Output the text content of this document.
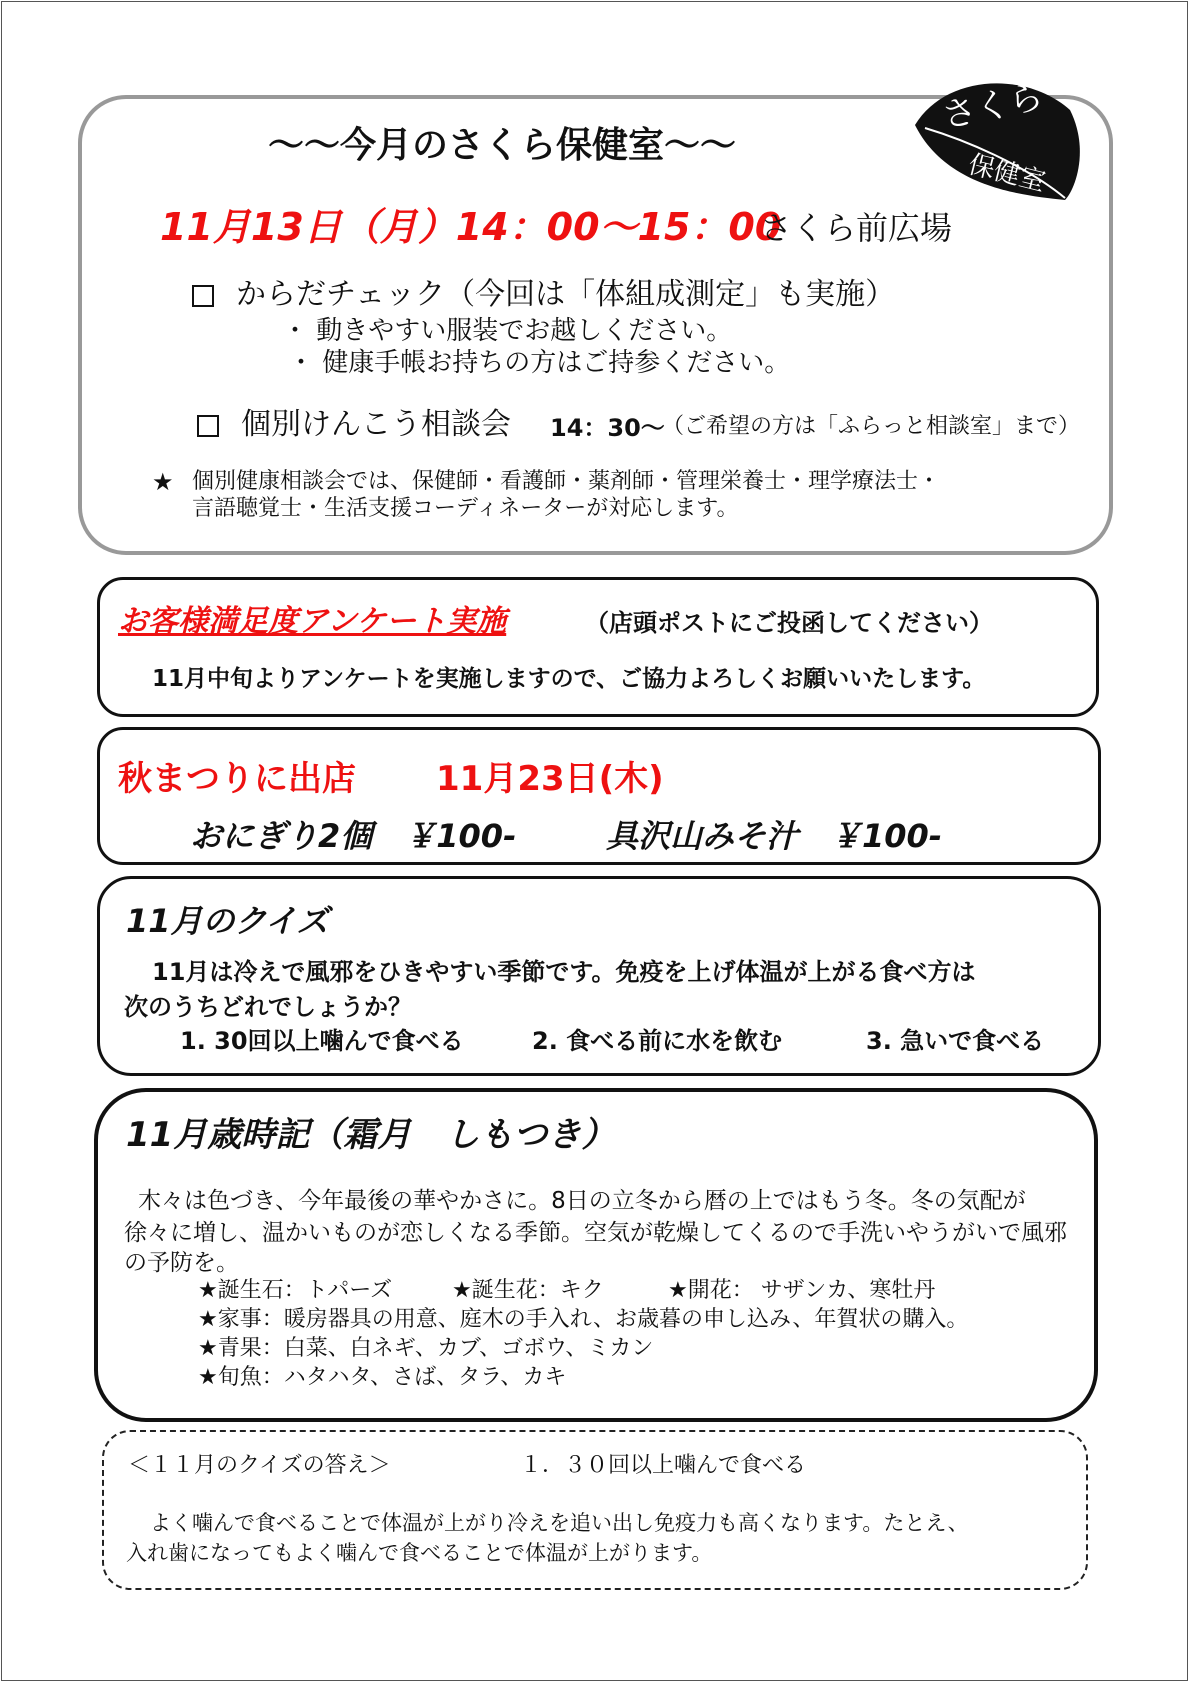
さくら
保健室
～～今月のさくら保健室～～
11月13日（月）14：00～15：00
さくら前広場
からだチェック（今回は「体組成測定」も実施）
・ 動きやすい服装でお越しください。
・ 健康手帳お持ちの方はご持参ください。
個別けんこう相談会 14：30～
（ご希望の方は「ふらっと相談室」まで）
★ 個別健康相談会では、保健師・看護師・薬剤師・管理栄養士・理学療法士・
言語聴覚士・生活支援コーディネーターが対応します。
お客様満足度アンケート実施	（店頭ポストにご投函してください）
11月中旬よりアンケートを実施しますので、ご協力よろしくお願いいたします。
秋まつりに出店 11月23日(木)
おにぎり2個　￥100-	具沢山みそ汁　￥100-
11月のクイズ
11月は冷えで風邪をひきやすい季節です。免疫を上げ体温が上がる食べ方は
次のうちどれでしょうか？
1. 30回以上噛んで食べる	2. 食べる前に水を飲む	3. 急いで食べる
11月歳時記（霜月　しもつき）
木々は色づき、今年最後の華やかさに。8日の立冬から暦の上ではもう冬。冬の気配が
徐々に増し、温かいものが恋しくなる季節。空気が乾燥してくるので手洗いやうがいで風邪
の予防を。
★誕生石：トパーズ	★誕生花：キク	★開花： サザンカ、寒牡丹
★家事：暖房器具の用意、庭木の手入れ、お歳暮の申し込み、年賀状の購入。
★青果：白菜、白ネギ、カブ、ゴボウ、ミカン
★旬魚：ハタハタ、さば、タラ、カキ
＜１１月のクイズの答え＞	１．３０回以上噛んで食べる
よく噛んで食べることで体温が上がり冷えを追い出し免疫力も高くなります。たとえ、
入れ歯になってもよく噛んで食べることで体温が上がります。
